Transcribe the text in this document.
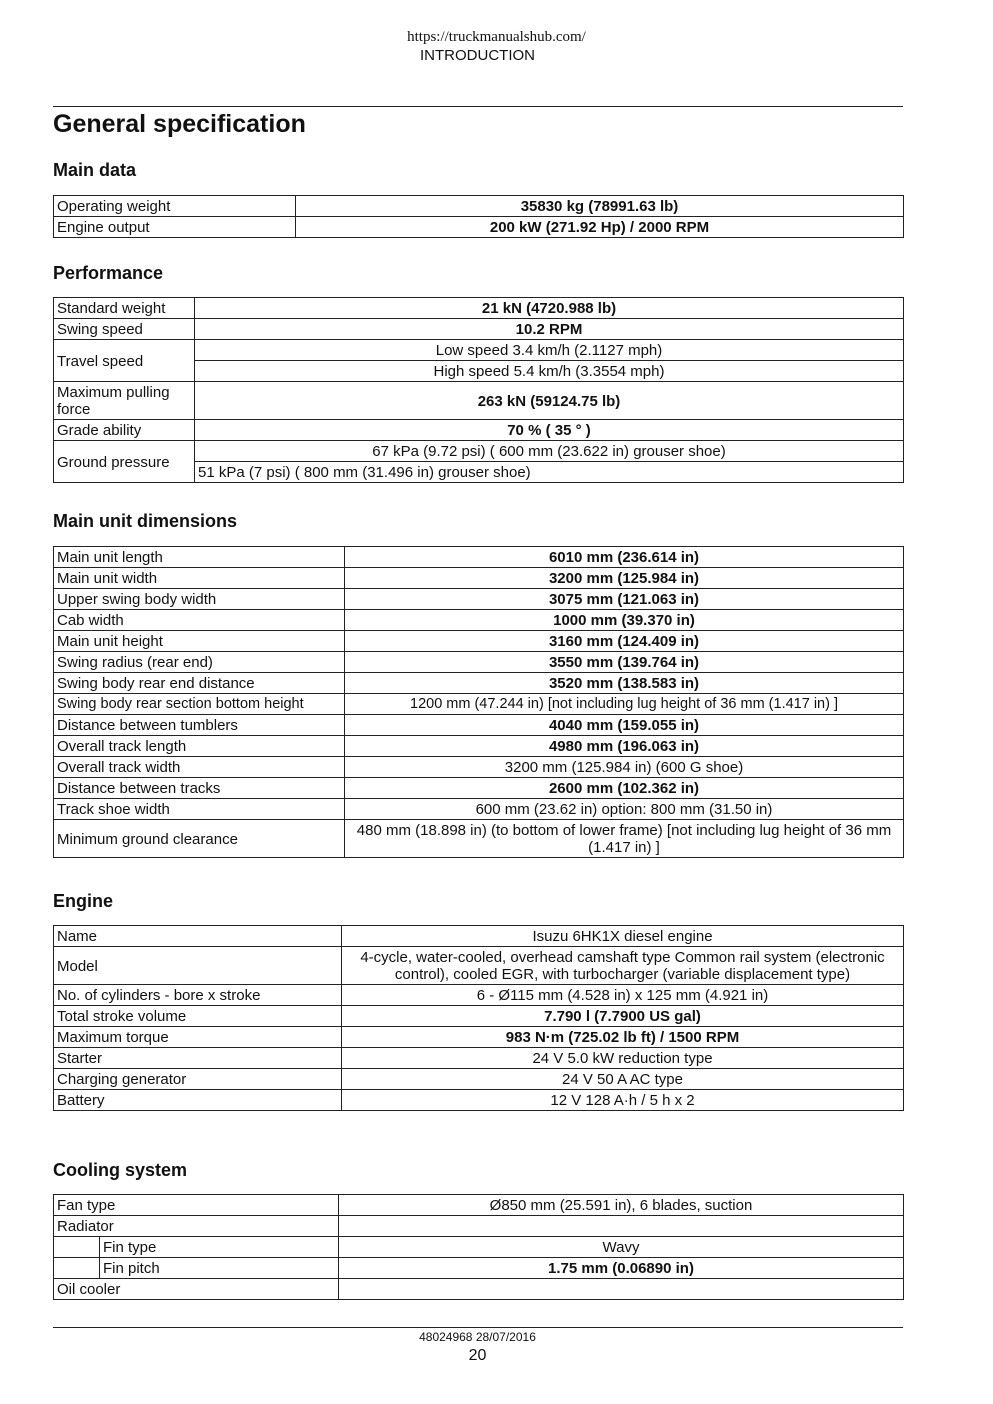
https://truckmanualshub.com/
INTRODUCTION
General specification
Main data
Operating weight	35830 kg (78991.63 lb)
Engine output	200 kW (271.92 Hp) / 2000 RPM
Performance
Standard weight	21 kN (4720.988 lb)
Swing speed	10.2 RPM
Travel speed	Low speed 3.4 km/h (2.1127 mph)
	High speed 5.4 km/h (3.3554 mph)
Maximum pulling force	263 kN (59124.75 lb)
Grade ability	70 % ( 35 ° )
Ground pressure	67 kPa (9.72 psi) ( 600 mm (23.622 in) grouser shoe)
	51 kPa (7 psi) ( 800 mm (31.496 in) grouser shoe)
Main unit dimensions
Main unit length	6010 mm (236.614 in)
Main unit width	3200 mm (125.984 in)
Upper swing body width	3075 mm (121.063 in)
Cab width	1000 mm (39.370 in)
Main unit height	3160 mm (124.409 in)
Swing radius (rear end)	3550 mm (139.764 in)
Swing body rear end distance	3520 mm (138.583 in)
Swing body rear section bottom height	1200 mm (47.244 in) [not including lug height of 36 mm (1.417 in) ]
Distance between tumblers	4040 mm (159.055 in)
Overall track length	4980 mm (196.063 in)
Overall track width	3200 mm (125.984 in) (600 G shoe)
Distance between tracks	2600 mm (102.362 in)
Track shoe width	600 mm (23.62 in) option: 800 mm (31.50 in)
Minimum ground clearance	480 mm (18.898 in) (to bottom of lower frame) [not including lug height of 36 mm (1.417 in) ]
Engine
Name	Isuzu 6HK1X diesel engine
Model	4-cycle, water-cooled, overhead camshaft type Common rail system (electronic control), cooled EGR, with turbocharger (variable displacement type)
No. of cylinders - bore x stroke	6 - Ø115 mm (4.528 in) x 125 mm (4.921 in)
Total stroke volume	7.790 l (7.7900 US gal)
Maximum torque	983 N·m (725.02 lb ft) / 1500 RPM
Starter	24 V 5.0 kW reduction type
Charging generator	24 V 50 A AC type
Battery	12 V 128 A·h / 5 h x 2
Cooling system
Fan type		Ø850 mm (25.591 in), 6 blades, suction
Radiator		
	Fin type	Wavy
	Fin pitch	1.75 mm (0.06890 in)
Oil cooler		
48024968 28/07/2016
20
